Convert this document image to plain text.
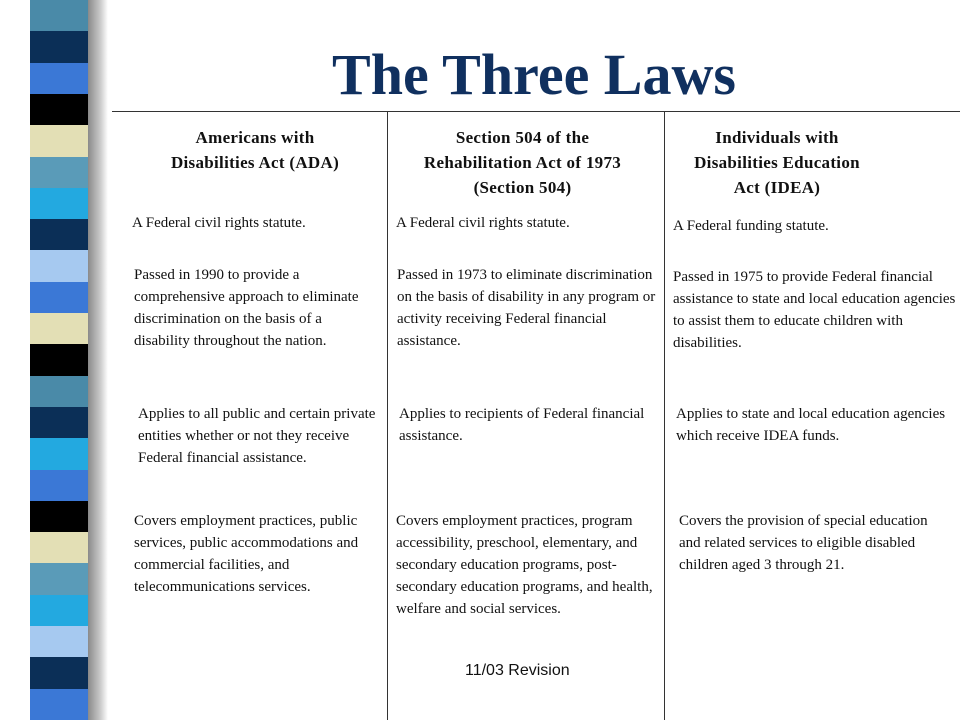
The Three Laws
Americans with
Disabilities Act (ADA)
A Federal civil rights statute.
Passed in 1990 to provide a comprehensive approach to eliminate discrimination on the basis of a disability throughout the nation.
Applies to all public and certain private entities whether or not they receive Federal financial assistance.
Covers employment practices, public services, public accommodations and commercial facilities, and telecommunications services.
Section 504 of the
Rehabilitation Act of 1973
(Section 504)
A Federal civil rights statute.
Passed in 1973 to eliminate discrimination on the basis of disability in any program or activity receiving Federal financial assistance.
Applies to recipients of Federal financial assistance.
Covers employment practices, program accessibility, preschool, elementary, and secondary education programs, post-secondary education programs, and health, welfare and social services.
Individuals with
Disabilities Education
Act (IDEA)
A Federal funding statute.
Passed in 1975 to provide Federal financial assistance to state and local education agencies to assist them to educate children with disabilities.
Applies to state and local education agencies which receive IDEA funds.
Covers the provision of special education and related services to eligible disabled children aged 3 through 21.
11/03 Revision
